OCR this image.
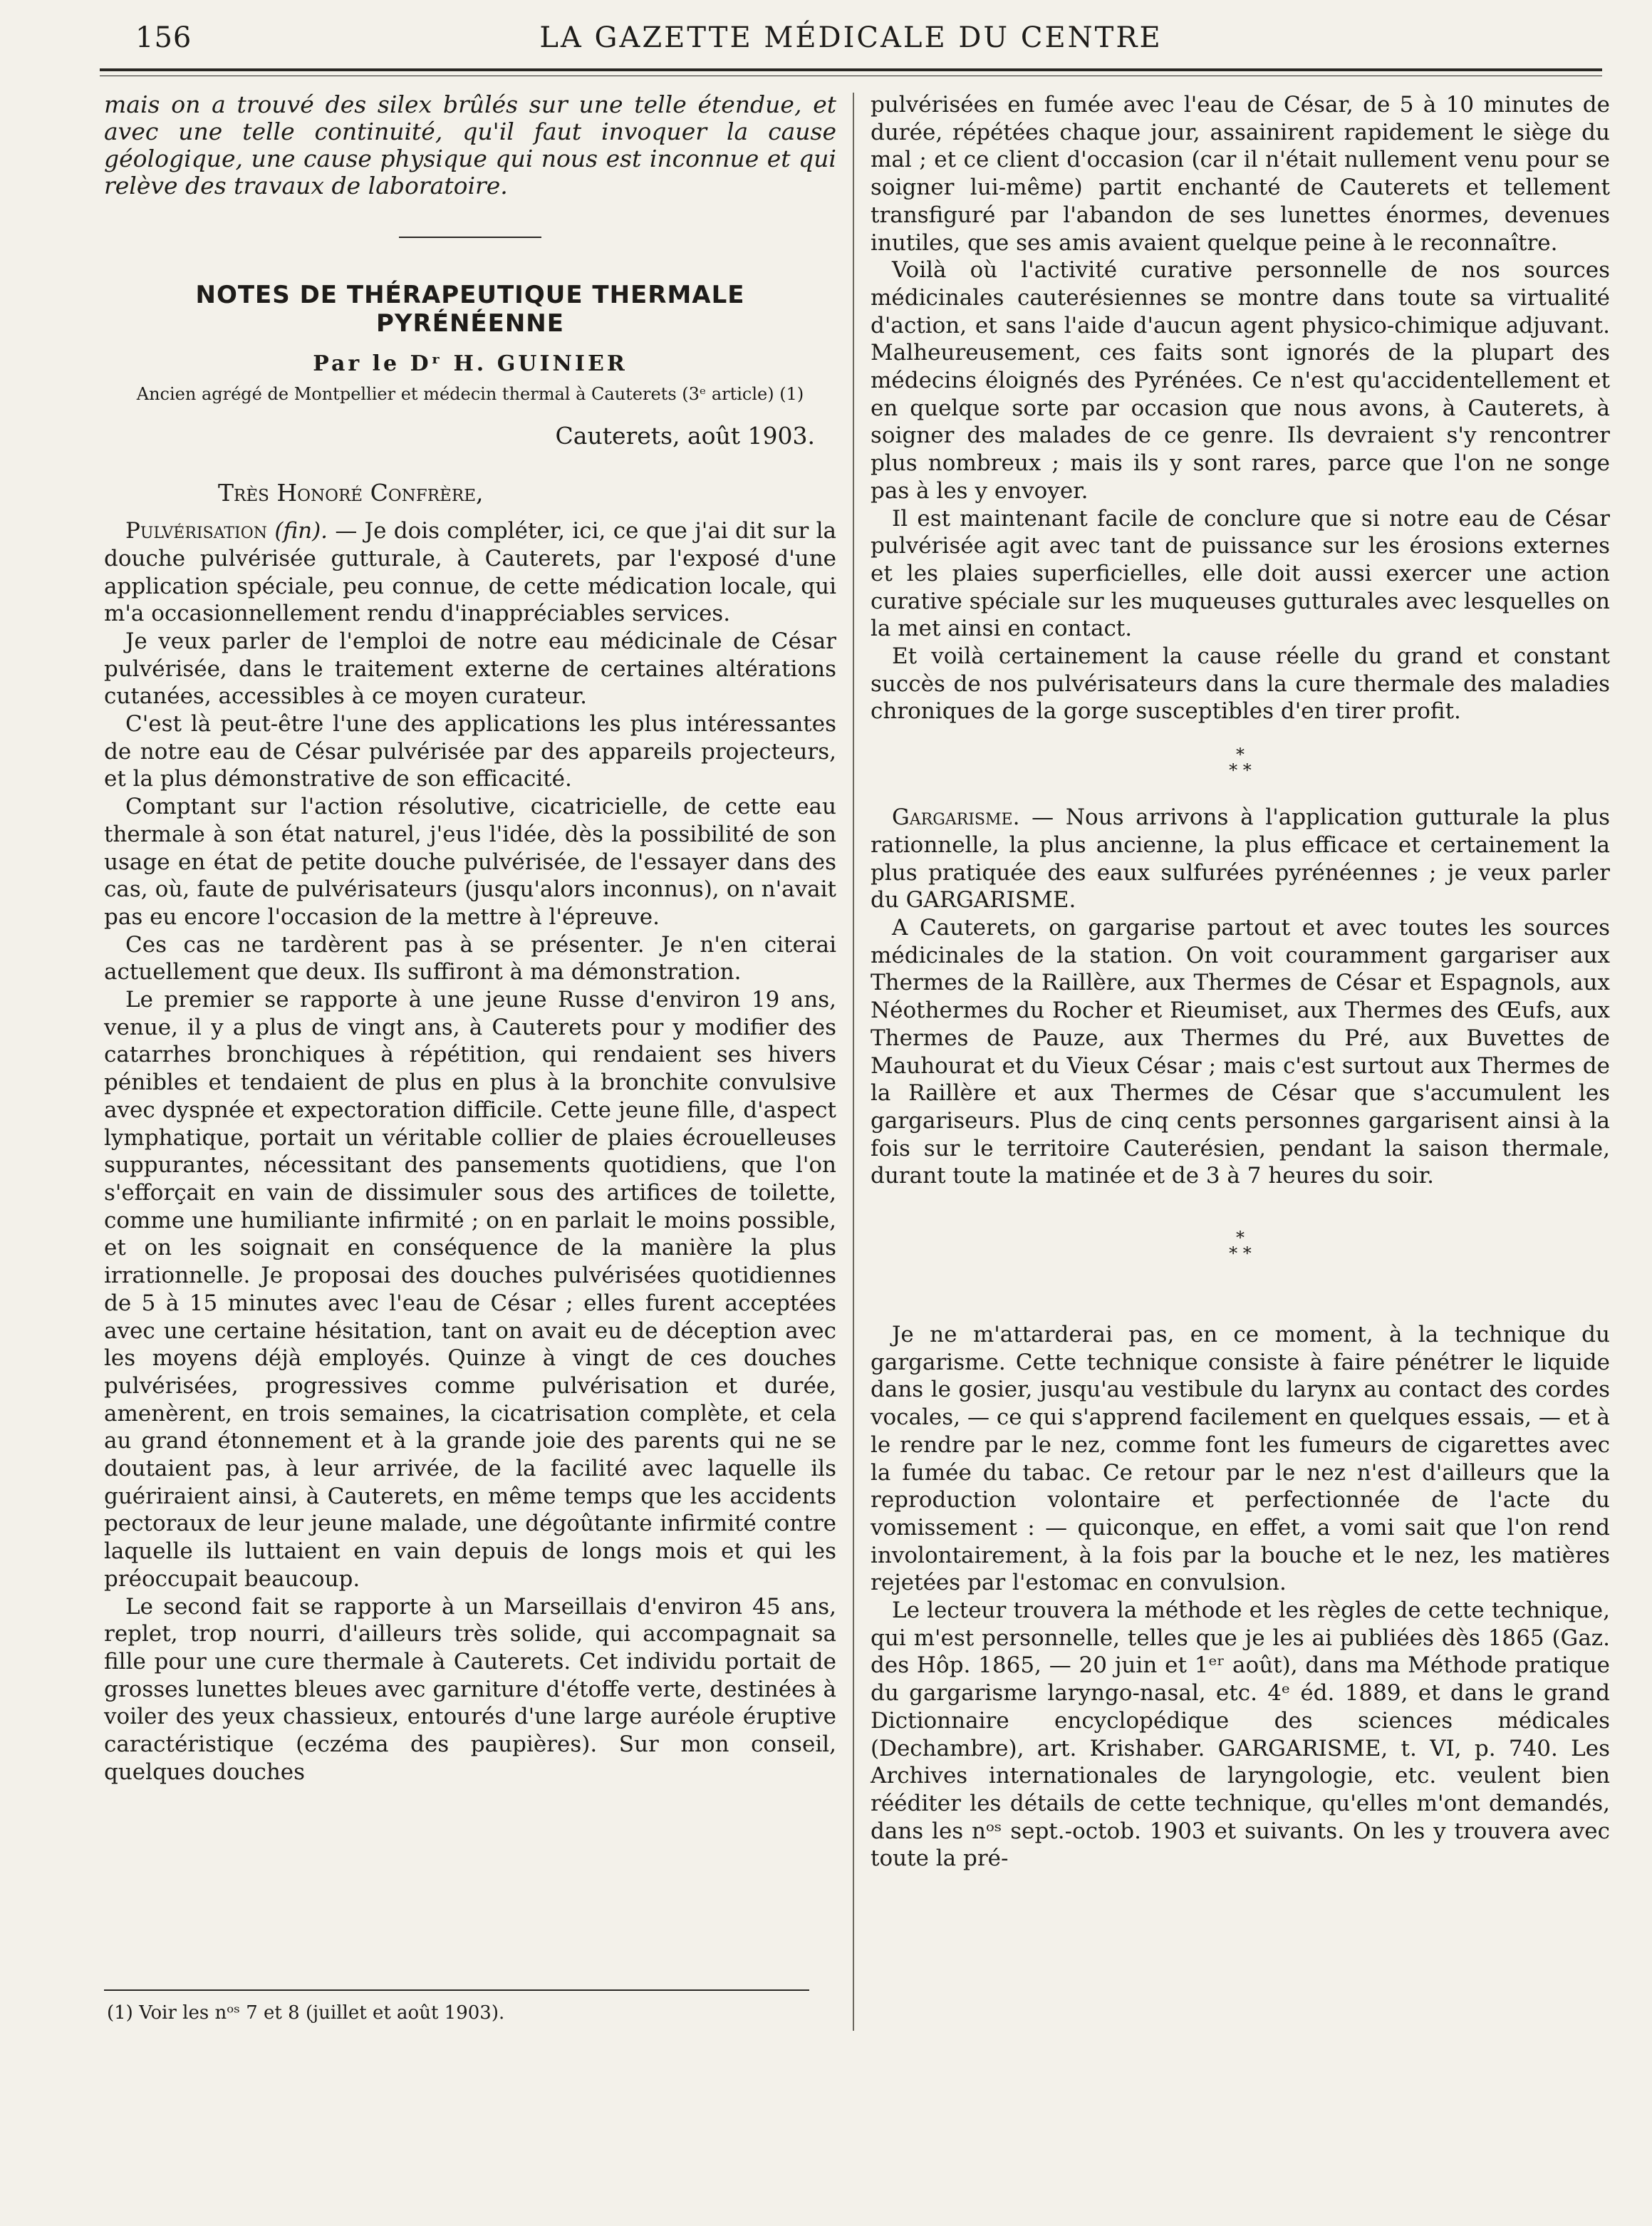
156	LA GAZETTE MÉDICALE DU CENTRE

mais on a trouvé des silex brûlés sur une telle étendue, et avec une telle continuité, qu'il faut invoquer la cause géologique, une cause physique qui nous est inconnue et qui relève des travaux de laboratoire.

NOTES DE THÉRAPEUTIQUE THERMALE PYRÉNÉENNE
Par le Dʳ H. GUINIER
Ancien agrégé de Montpellier et médecin thermal à Cauterets (3ᵉ article) (1)
Cauterets, août 1903.

Très Honoré Confrère,

Pulvérisation (fin). — Je dois compléter, ici, ce que j'ai dit sur la douche pulvérisée gutturale, à Cauterets, par l'exposé d'une application spéciale, peu connue, de cette médication locale, qui m'a occasionnellement rendu d'inappréciables services.

Je veux parler de l'emploi de notre eau médicinale de César pulvérisée, dans le traitement externe de certaines altérations cutanées, accessibles à ce moyen curateur.

C'est là peut-être l'une des applications les plus intéressantes de notre eau de César pulvérisée par des appareils projecteurs, et la plus démonstrative de son efficacité.

Comptant sur l'action résolutive, cicatricielle, de cette eau thermale à son état naturel, j'eus l'idée, dès la possibilité de son usage en état de petite douche pulvérisée, de l'essayer dans des cas, où, faute de pulvérisateurs (jusqu'alors inconnus), on n'avait pas eu encore l'occasion de la mettre à l'épreuve.

Ces cas ne tardèrent pas à se présenter. Je n'en citerai actuellement que deux. Ils suffiront à ma démonstration.

Le premier se rapporte à une jeune Russe d'environ 19 ans, venue, il y a plus de vingt ans, à Cauterets pour y modifier des catarrhes bronchiques à répétition, qui rendaient ses hivers pénibles et tendaient de plus en plus à la bronchite convulsive avec dyspnée et expectoration difficile. Cette jeune fille, d'aspect lymphatique, portait un véritable collier de plaies écrouelleuses suppurantes, nécessitant des pansements quotidiens, que l'on s'efforçait en vain de dissimuler sous des artifices de toilette, comme une humiliante infirmité ; on en parlait le moins possible, et on les soignait en conséquence de la manière la plus irrationnelle. Je proposai des douches pulvérisées quotidiennes de 5 à 15 minutes avec l'eau de César ; elles furent acceptées avec une certaine hésitation, tant on avait eu de déception avec les moyens déjà employés. Quinze à vingt de ces douches pulvérisées, progressives comme pulvérisation et durée, amenèrent, en trois semaines, la cicatrisation complète, et cela au grand étonnement et à la grande joie des parents qui ne se doutaient pas, à leur arrivée, de la facilité avec laquelle ils guériraient ainsi, à Cauterets, en même temps que les accidents pectoraux de leur jeune malade, une dégoûtante infirmité contre laquelle ils luttaient en vain depuis de longs mois et qui les préoccupait beaucoup.

Le second fait se rapporte à un Marseillais d'environ 45 ans, replet, trop nourri, d'ailleurs très solide, qui accompagnait sa fille pour une cure thermale à Cauterets. Cet individu portait de grosses lunettes bleues avec garniture d'étoffe verte, destinées à voiler des yeux chassieux, entourés d'une large auréole éruptive caractéristique (eczéma des paupières). Sur mon conseil, quelques douches

pulvérisées en fumée avec l'eau de César, de 5 à 10 minutes de durée, répétées chaque jour, assainirent rapidement le siège du mal ; et ce client d'occasion (car il n'était nullement venu pour se soigner lui-même) partit enchanté de Cauterets et tellement transfiguré par l'abandon de ses lunettes énormes, devenues inutiles, que ses amis avaient quelque peine à le reconnaître.

Voilà où l'activité curative personnelle de nos sources médicinales cauterésiennes se montre dans toute sa virtualité d'action, et sans l'aide d'aucun agent physico-chimique adjuvant. Malheureusement, ces faits sont ignorés de la plupart des médecins éloignés des Pyrénées. Ce n'est qu'accidentellement et en quelque sorte par occasion que nous avons, à Cauterets, à soigner des malades de ce genre. Ils devraient s'y rencontrer plus nombreux ; mais ils y sont rares, parce que l'on ne songe pas à les y envoyer.

Il est maintenant facile de conclure que si notre eau de César pulvérisée agit avec tant de puissance sur les érosions externes et les plaies superficielles, elle doit aussi exercer une action curative spéciale sur les muqueuses gutturales avec lesquelles on la met ainsi en contact.

Et voilà certainement la cause réelle du grand et constant succès de nos pulvérisateurs dans la cure thermale des maladies chroniques de la gorge susceptibles d'en tirer profit.

*
* *

Gargarisme. — Nous arrivons à l'application gutturale la plus rationnelle, la plus ancienne, la plus efficace et certainement la plus pratiquée des eaux sulfurées pyrénéennes ; je veux parler du GARGARISME.

A Cauterets, on gargarise partout et avec toutes les sources médicinales de la station. On voit couramment gargariser aux Thermes de la Raillère, aux Thermes de César et Espagnols, aux Néothermes du Rocher et Rieumiset, aux Thermes des Œufs, aux Thermes de Pauze, aux Thermes du Pré, aux Buvettes de Mauhourat et du Vieux César ; mais c'est surtout aux Thermes de la Raillère et aux Thermes de César que s'accumulent les gargariseurs. Plus de cinq cents personnes gargarisent ainsi à la fois sur le territoire Cauterésien, pendant la saison thermale, durant toute la matinée et de 3 à 7 heures du soir.

*
* *

Je ne m'attarderai pas, en ce moment, à la technique du gargarisme. Cette technique consiste à faire pénétrer le liquide dans le gosier, jusqu'au vestibule du larynx au contact des cordes vocales, — ce qui s'apprend facilement en quelques essais, — et à le rendre par le nez, comme font les fumeurs de cigarettes avec la fumée du tabac. Ce retour par le nez n'est d'ailleurs que la reproduction volontaire et perfectionnée de l'acte du vomissement : — quiconque, en effet, a vomi sait que l'on rend involontairement, à la fois par la bouche et le nez, les matières rejetées par l'estomac en convulsion.

Le lecteur trouvera la méthode et les règles de cette technique, qui m'est personnelle, telles que je les ai publiées dès 1865 (Gaz. des Hôp. 1865, — 20 juin et 1ᵉʳ août), dans ma Méthode pratique du gargarisme laryngo-nasal, etc. 4ᵉ éd. 1889, et dans le grand Dictionnaire encyclopédique des sciences médicales (Dechambre), art. Krishaber. GARGARISME, t. VI, p. 740. Les Archives internationales de laryngologie, etc. veulent bien rééditer les détails de cette technique, qu'elles m'ont demandés, dans les nᵒˢ sept.-octob. 1903 et suivants. On les y trouvera avec toute la pré-

(1) Voir les nᵒˢ 7 et 8 (juillet et août 1903).
